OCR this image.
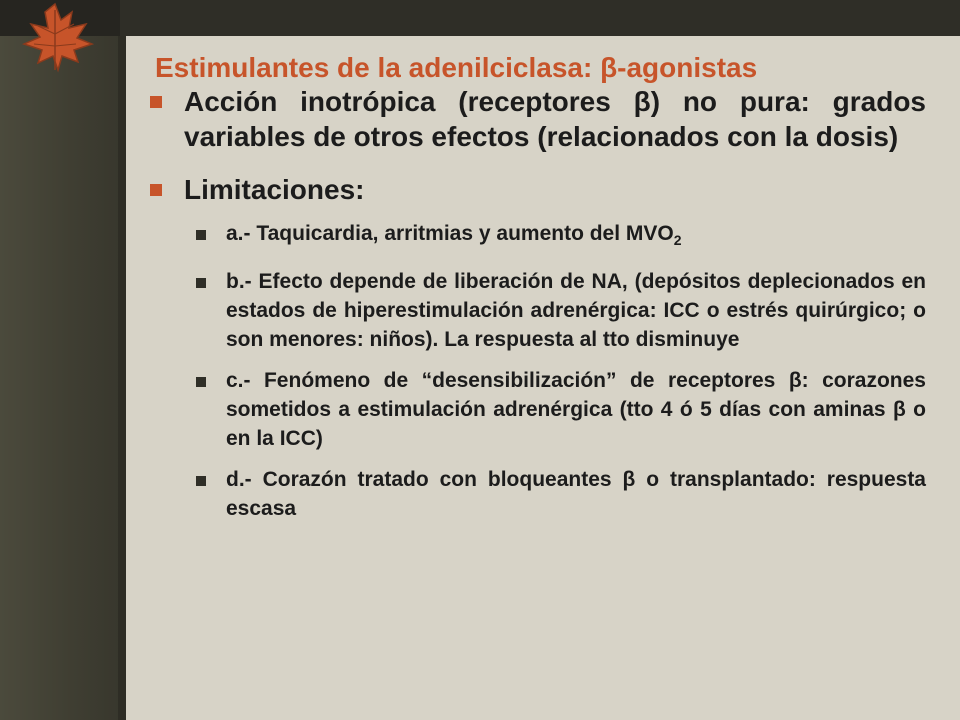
Estimulantes de la adenilciclasa: β-agonistas
Acción inotrópica (receptores β) no pura: grados variables de otros efectos (relacionados con la dosis)
Limitaciones:
a.- Taquicardia, arritmias y aumento del $MVO_2$
b.- Efecto depende de liberación de NA, (depósitos deplecionados en estados de hiperestimulación adrenérgica: ICC o estrés quirúrgico; o son menores: niños). La respuesta al tto disminuye
c.- Fenómeno de “desensibilización” de receptores β: corazones sometidos a estimulación adrenérgica (tto 4 ó 5 días con aminas β o en la ICC)
d.- Corazón tratado con bloqueantes β o transplantado: respuesta escasa
